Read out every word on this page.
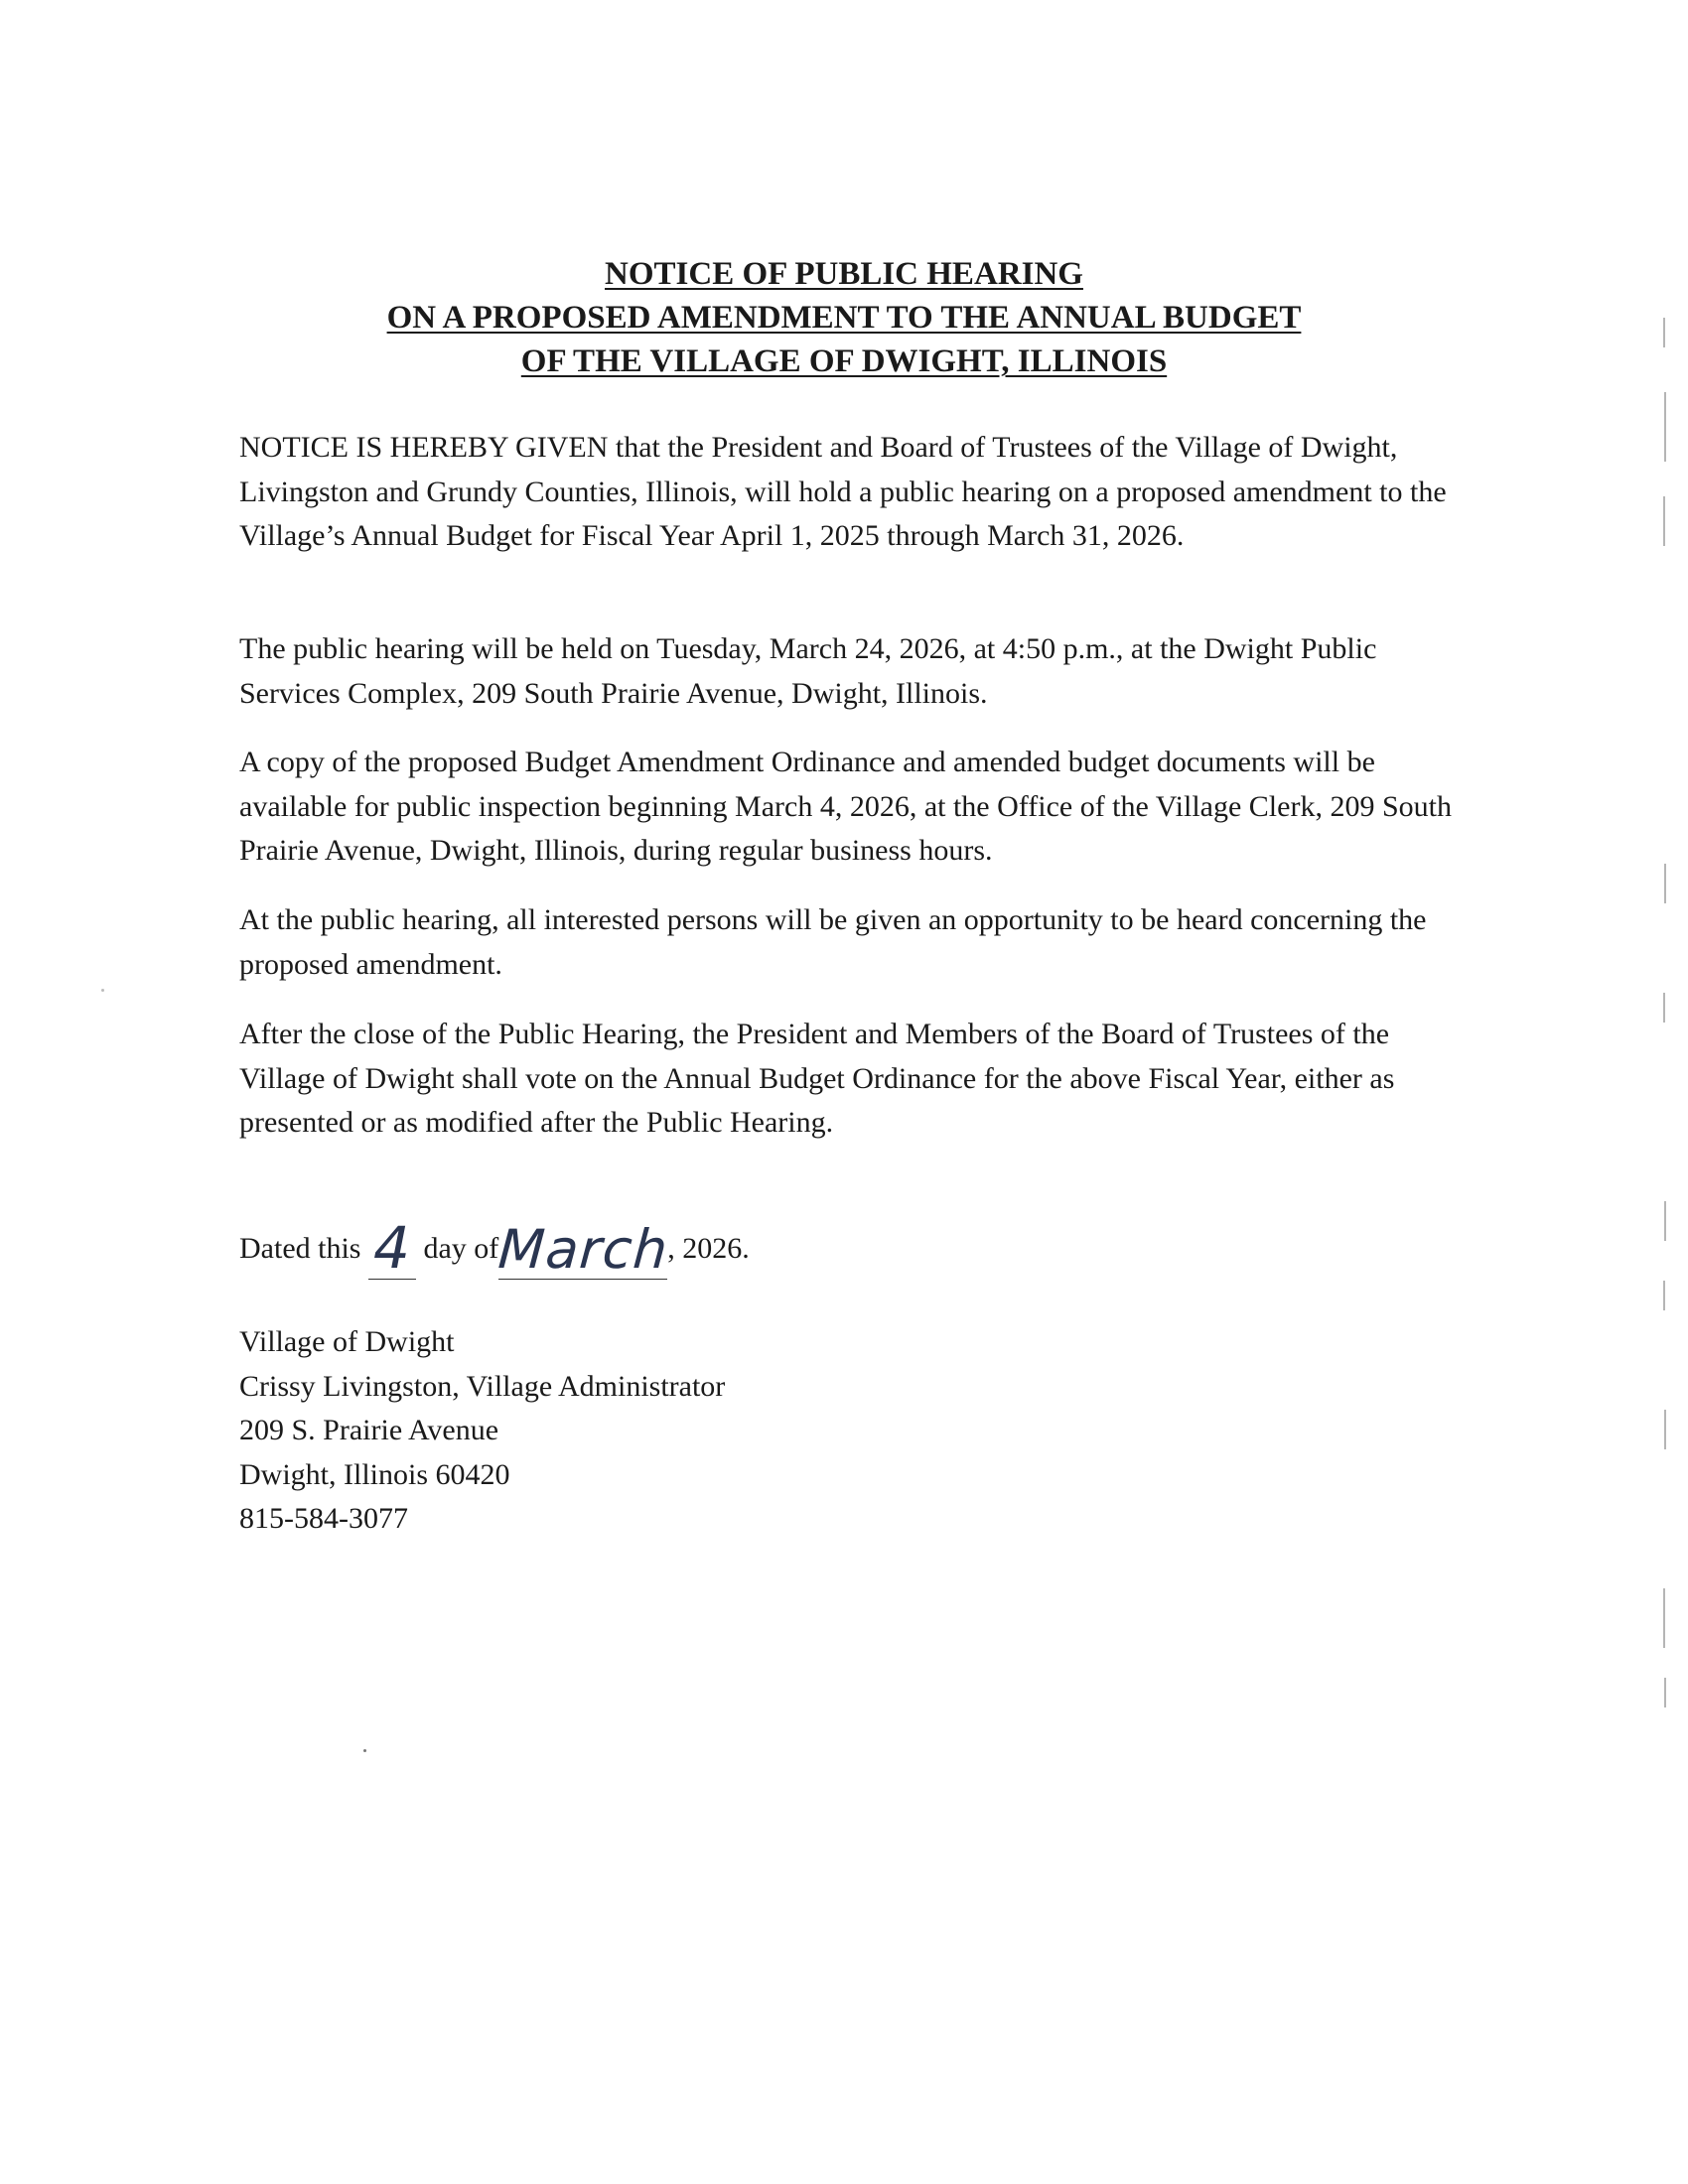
NOTICE OF PUBLIC HEARING
ON A PROPOSED AMENDMENT TO THE ANNUAL BUDGET
OF THE VILLAGE OF DWIGHT, ILLINOIS

NOTICE IS HEREBY GIVEN that the President and Board of Trustees of the Village of Dwight, Livingston and Grundy Counties, Illinois, will hold a public hearing on a proposed amendment to the Village’s Annual Budget for Fiscal Year April 1, 2025 through March 31, 2026.

The public hearing will be held on Tuesday, March 24, 2026, at 4:50 p.m., at the Dwight Public Services Complex, 209 South Prairie Avenue, Dwight, Illinois.

A copy of the proposed Budget Amendment Ordinance and amended budget documents will be available for public inspection beginning March 4, 2026, at the Office of the Village Clerk, 209 South Prairie Avenue, Dwight, Illinois, during regular business hours.

At the public hearing, all interested persons will be given an opportunity to be heard concerning the proposed amendment.

After the close of the Public Hearing, the President and Members of the Board of Trustees of the Village of Dwight shall vote on the Annual Budget Ordinance for the above Fiscal Year, either as presented or as modified after the Public Hearing.

Dated this 4 day of
March
, 2026.
Village of Dwight
Crissy Livingston, Village Administrator
209 S. Prairie Avenue
Dwight, Illinois 60420
815-584-3077
